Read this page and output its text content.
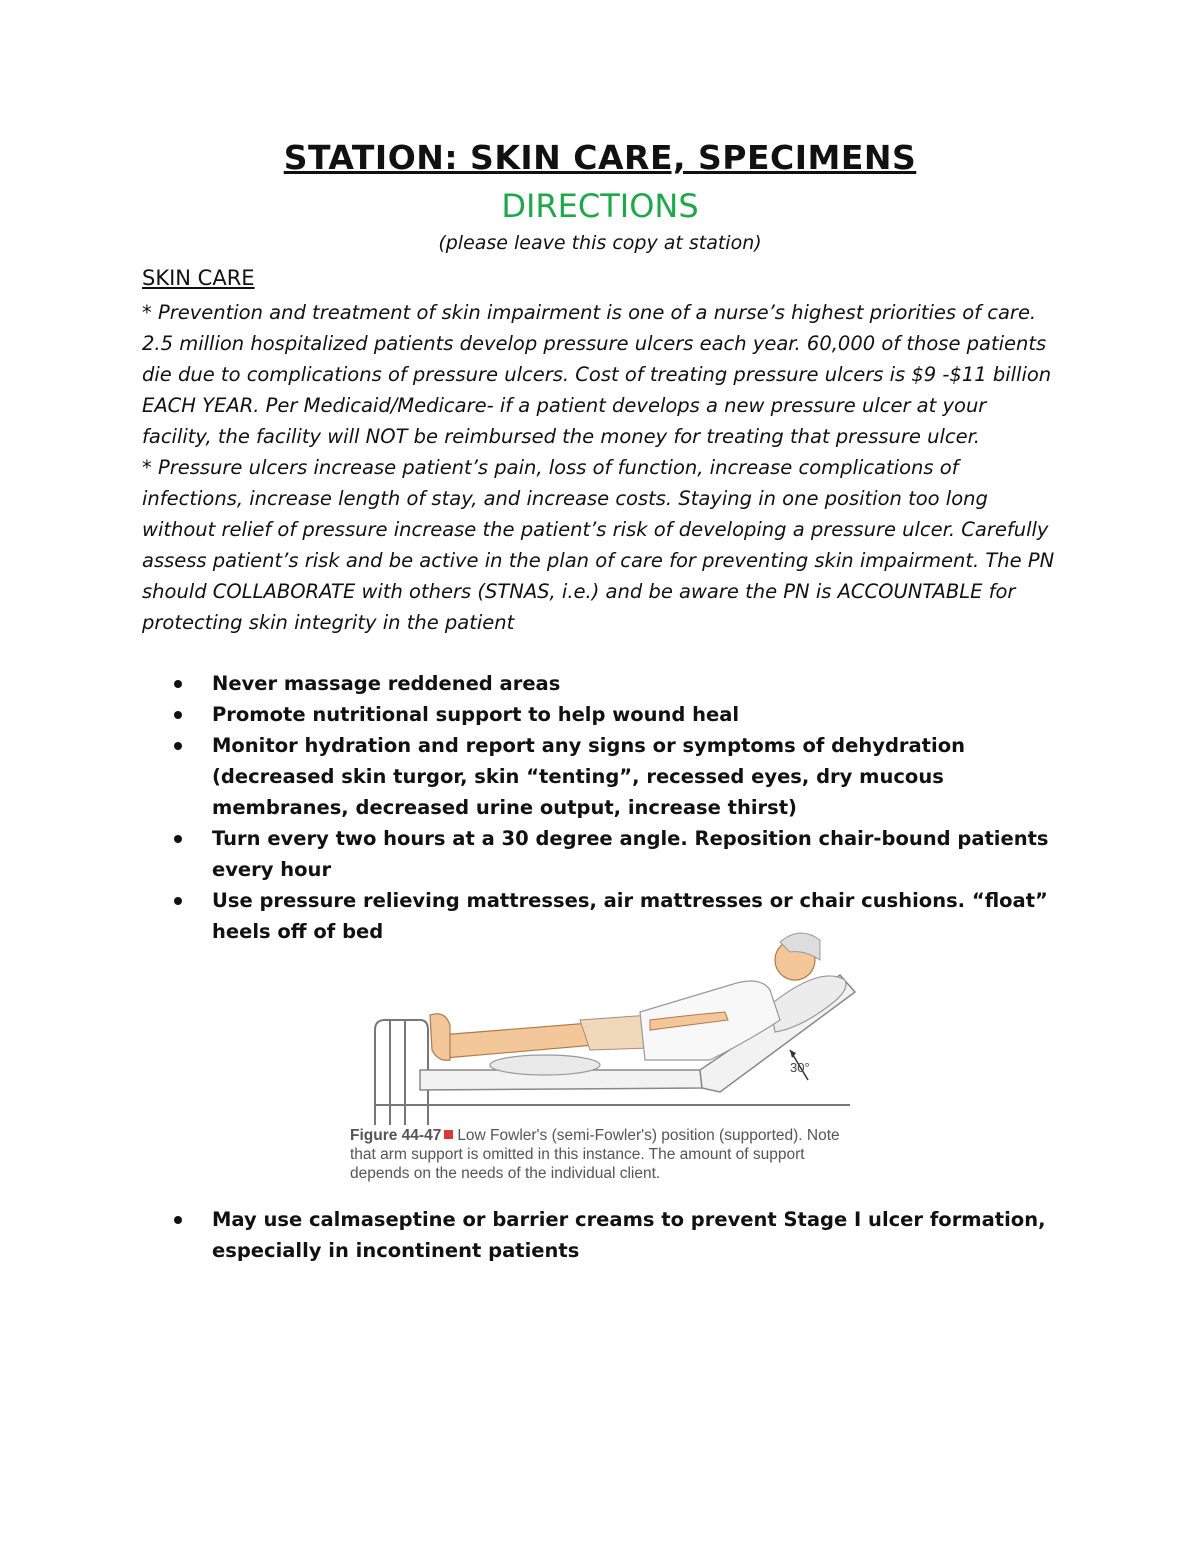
STATION: SKIN CARE, SPECIMENS
DIRECTIONS
(please leave this copy at station)
SKIN CARE
* Prevention and treatment of skin impairment is one of a nurse’s highest priorities of care. 2.5 million hospitalized patients develop pressure ulcers each year. 60,000 of those patients die due to complications of pressure ulcers. Cost of treating pressure ulcers is $9 -$11 billion EACH YEAR. Per Medicaid/Medicare- if a patient develops a new pressure ulcer at your facility, the facility will NOT be reimbursed the money for treating that pressure ulcer.
* Pressure ulcers increase patient’s pain, loss of function, increase complications of infections, increase length of stay, and increase costs. Staying in one position too long without relief of pressure increase the patient’s risk of developing a pressure ulcer. Carefully assess patient’s risk and be active in the plan of care for preventing skin impairment. The PN should COLLABORATE with others (STNAS, i.e.) and be aware the PN is ACCOUNTABLE for protecting skin integrity in the patient
Never massage reddened areas
Promote nutritional support to help wound heal
Monitor hydration and report any signs or symptoms of dehydration (decreased skin turgor, skin “tenting”, recessed eyes, dry mucous membranes, decreased urine output, increase thirst)
Turn every two hours at a 30 degree angle. Reposition chair-bound patients every hour
Use pressure relieving mattresses, air mattresses or chair cushions. “float” heels off of bed
30°
Figure 44-47 Low Fowler's (semi-Fowler's) position (supported). Note that arm support is omitted in this instance. The amount of support depends on the needs of the individual client.
May use calmaseptine or barrier creams to prevent Stage I ulcer formation, especially in incontinent patients
